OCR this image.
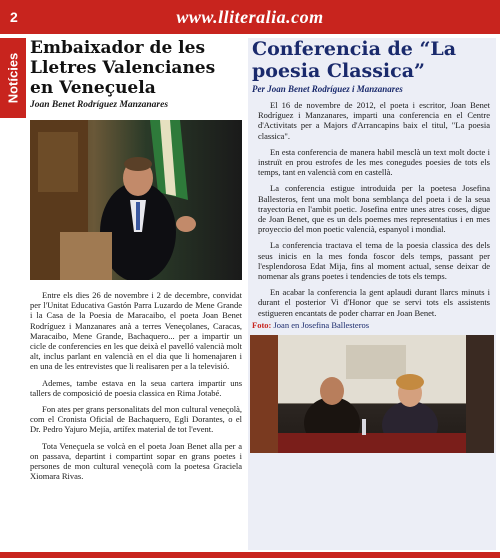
2	www.lliteralia.com
Notícies
Embaixador de les Lletres Valencianes en Veneçuela
Joan Benet Rodríguez Manzanares

Entre els dies 26 de novembre i 2 de decembre, convidat per l'Unitat Educativa Gastón Parra Luzardo de Mene Grande i la Casa de la Poesia de Maracaibo, el poeta Joan Benet Rodríguez i Manzanares anà a terres Veneçolanes, Caracas, Maracaibo, Mene Grande, Bachaquero... per a impartir un cicle de conferencies en les que deixà el pavelló valencià molt alt, inclus parlant en valencià en el dia que li homenajaren i en una de les entrevistes que li realisaren per a la televisió.

Ademes, tambe estava en la seua cartera impartir uns tallers de composició de poesia classica en Rima Jotabé.

Fon ates per grans personalitats del mon cultural veneçolà, com el Cronista Oficial de Bachaquero, Egli Dorantes, o el Dr. Pedro Yajuro Mejía, artífex material de tot l'event.

Tota Veneçuela se volcà en el poeta Joan Benet alla per a on passava, departint i compartint sopar en grans poetes i persones de mon cultural veneçolà com la poetesa Graciela Xiomara Rivas.

Conferencia de “La poesia Classica”
Per Joan Benet Rodríguez i Manzanares

El 16 de novembre de 2012, el poeta i escritor, Joan Benet Rodríguez i Manzanares, imparti una conferencia en el Centre d'Activitats per a Majors d'Arrancapins baix el titul, "La poesia classica".

En esta conferencia de manera habil mesclà un text molt docte i instruït en prou estrofes de les mes conegudes poesies de tots els temps, tant en valencià com en castellà.

La conferencia estigue introduida per la poetesa Josefina Ballesteros, fent una molt bona semblança del poeta i de la seua trayectoria en l'ambit poetic. Josefina entre unes atres coses, digue de Joan Benet, que es un dels poemes mes representatius i en mes proyeccio del mon poetic valencià, espanyol i mondial.

La conferencia tractava el tema de la poesia classica des dels seus inicis en la mes fonda foscor dels temps, passant per l'esplendorosa Edat Mija, fins al moment actual, sense deixar de nomenar als grans poetes i tendencies de tots els temps.

En acabar la conferencia la gent aplaudi durant llarcs minuts i durant el posterior Vi d'Honor que se servi tots els assistents estigueren encantats de poder charrar en Joan Benet.

Foto: Joan en Josefina Ballesteros
